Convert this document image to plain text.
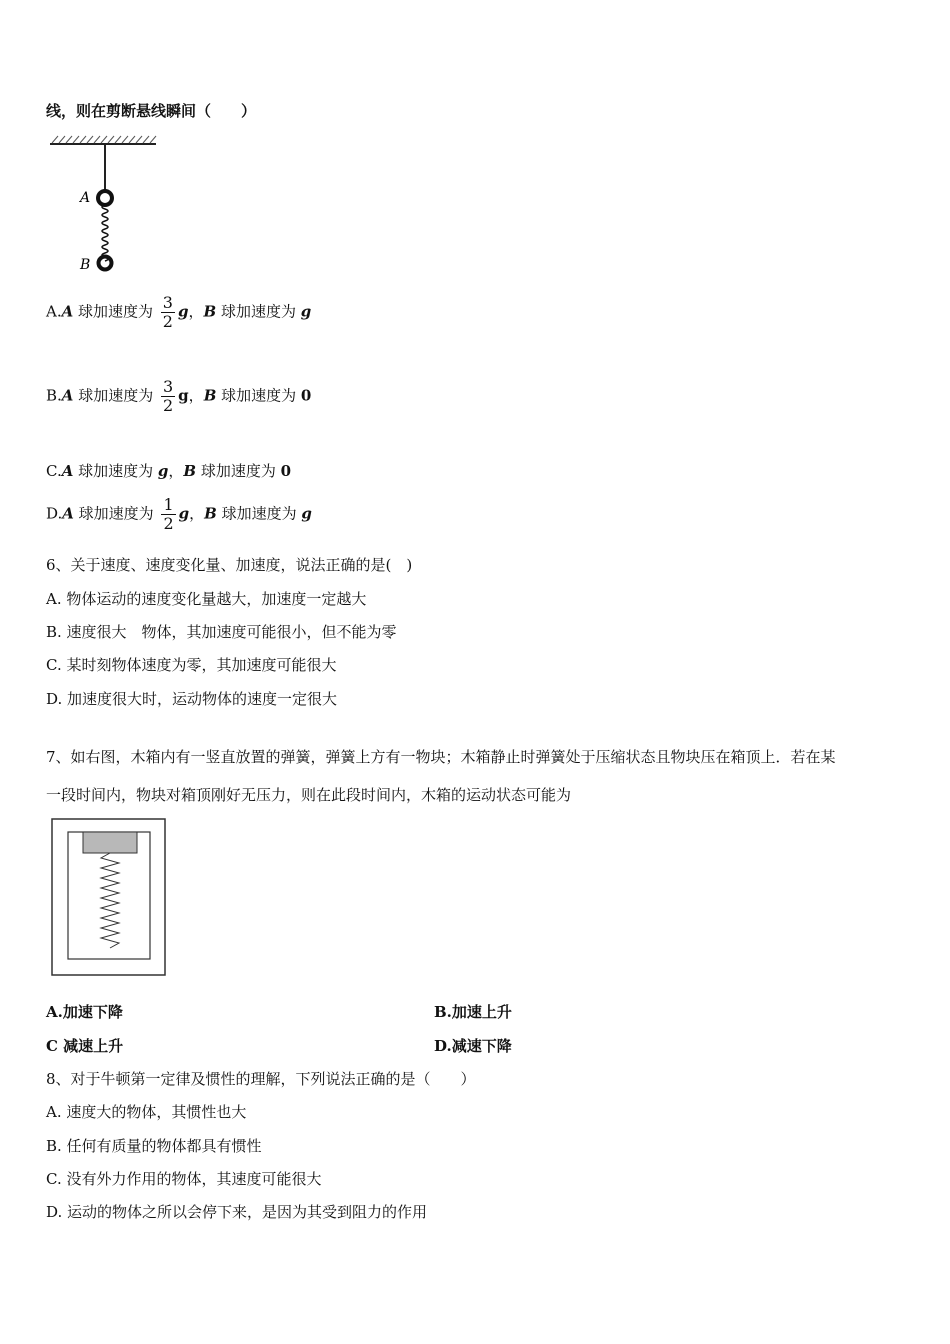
线，则在剪断悬线瞬间（　　）
A
B
A.A 球加速度为 $\frac{3}{2}$ g，B 球加速度为 g
B.A 球加速度为 $\frac{3}{2}$ g，B 球加速度为 0
C.A 球加速度为 g，B 球加速度为 0
D.A 球加速度为 $\frac{1}{2}$ g，B 球加速度为 g
6、关于速度、速度变化量、加速度，说法正确的是(　)
A. 物体运动的速度变化量越大，加速度一定越大
B. 速度很大　物体，其加速度可能很小，但不能为零
C. 某时刻物体速度为零，其加速度可能很大
D. 加速度很大时，运动物体的速度一定很大
7、如右图，木箱内有一竖直放置的弹簧，弹簧上方有一物块；木箱静止时弹簧处于压缩状态且物块压在箱顶上．若在某
一段时间内，物块对箱顶刚好无压力，则在此段时间内，木箱的运动状态可能为
A.加速下降	B.加速上升
C 减速上升	D.减速下降
8、对于牛顿第一定律及惯性的理解，下列说法正确的是（　　）
A. 速度大的物体，其惯性也大
B. 任何有质量的物体都具有惯性
C. 没有外力作用的物体，其速度可能很大
D. 运动的物体之所以会停下来，是因为其受到阻力的作用
